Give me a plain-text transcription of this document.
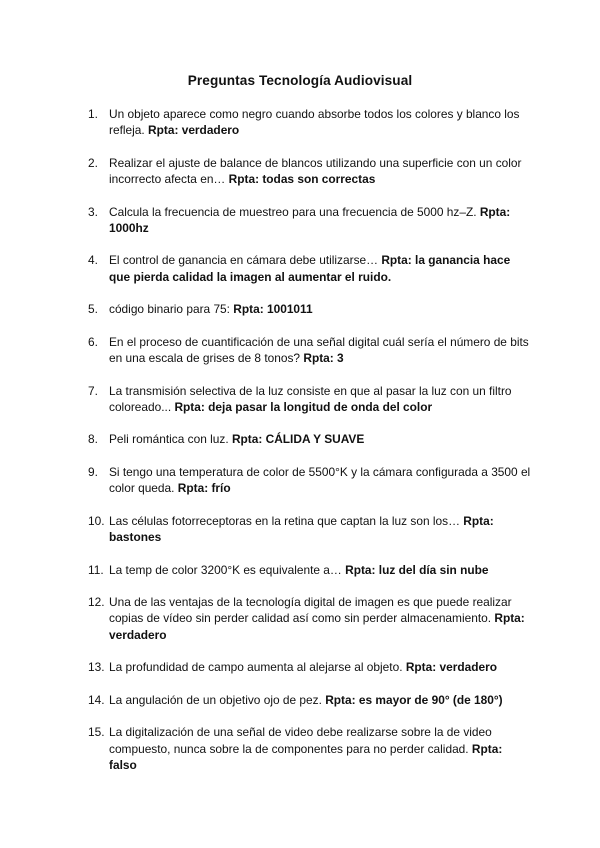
Preguntas Tecnología Audiovisual
1. Un objeto aparece como negro cuando absorbe todos los colores y blanco los refleja. Rpta: verdadero
2. Realizar el ajuste de balance de blancos utilizando una superficie con un color incorrecto afecta en… Rpta: todas son correctas
3. Calcula la frecuencia de muestreo para una frecuencia de 5000 hz–Z. Rpta: 1000hz
4. El control de ganancia en cámara debe utilizarse… Rpta: la ganancia hace que pierda calidad la imagen al aumentar el ruido.
5. código binario para 75: Rpta: 1001011
6. En el proceso de cuantificación de una señal digital cuál sería el número de bits en una escala de grises de 8 tonos? Rpta: 3
7. La transmisión selectiva de la luz consiste en que al pasar la luz con un filtro coloreado... Rpta: deja pasar la longitud de onda del color
8. Peli romántica con luz. Rpta: CÁLIDA Y SUAVE
9. Si tengo una temperatura de color de 5500°K y la cámara configurada a 3500 el color queda. Rpta: frío
10. Las células fotorreceptoras en la retina que captan la luz son los… Rpta: bastones
11. La temp de color 3200°K es equivalente a… Rpta: luz del día sin nube
12. Una de las ventajas de la tecnología digital de imagen es que puede realizar copias de vídeo sin perder calidad así como sin perder almacenamiento. Rpta: verdadero
13. La profundidad de campo aumenta al alejarse al objeto. Rpta: verdadero
14. La angulación de un objetivo ojo de pez. Rpta: es mayor de 90° (de 180°)
15. La digitalización de una señal de video debe realizarse sobre la de video compuesto, nunca sobre la de componentes para no perder calidad. Rpta: falso
